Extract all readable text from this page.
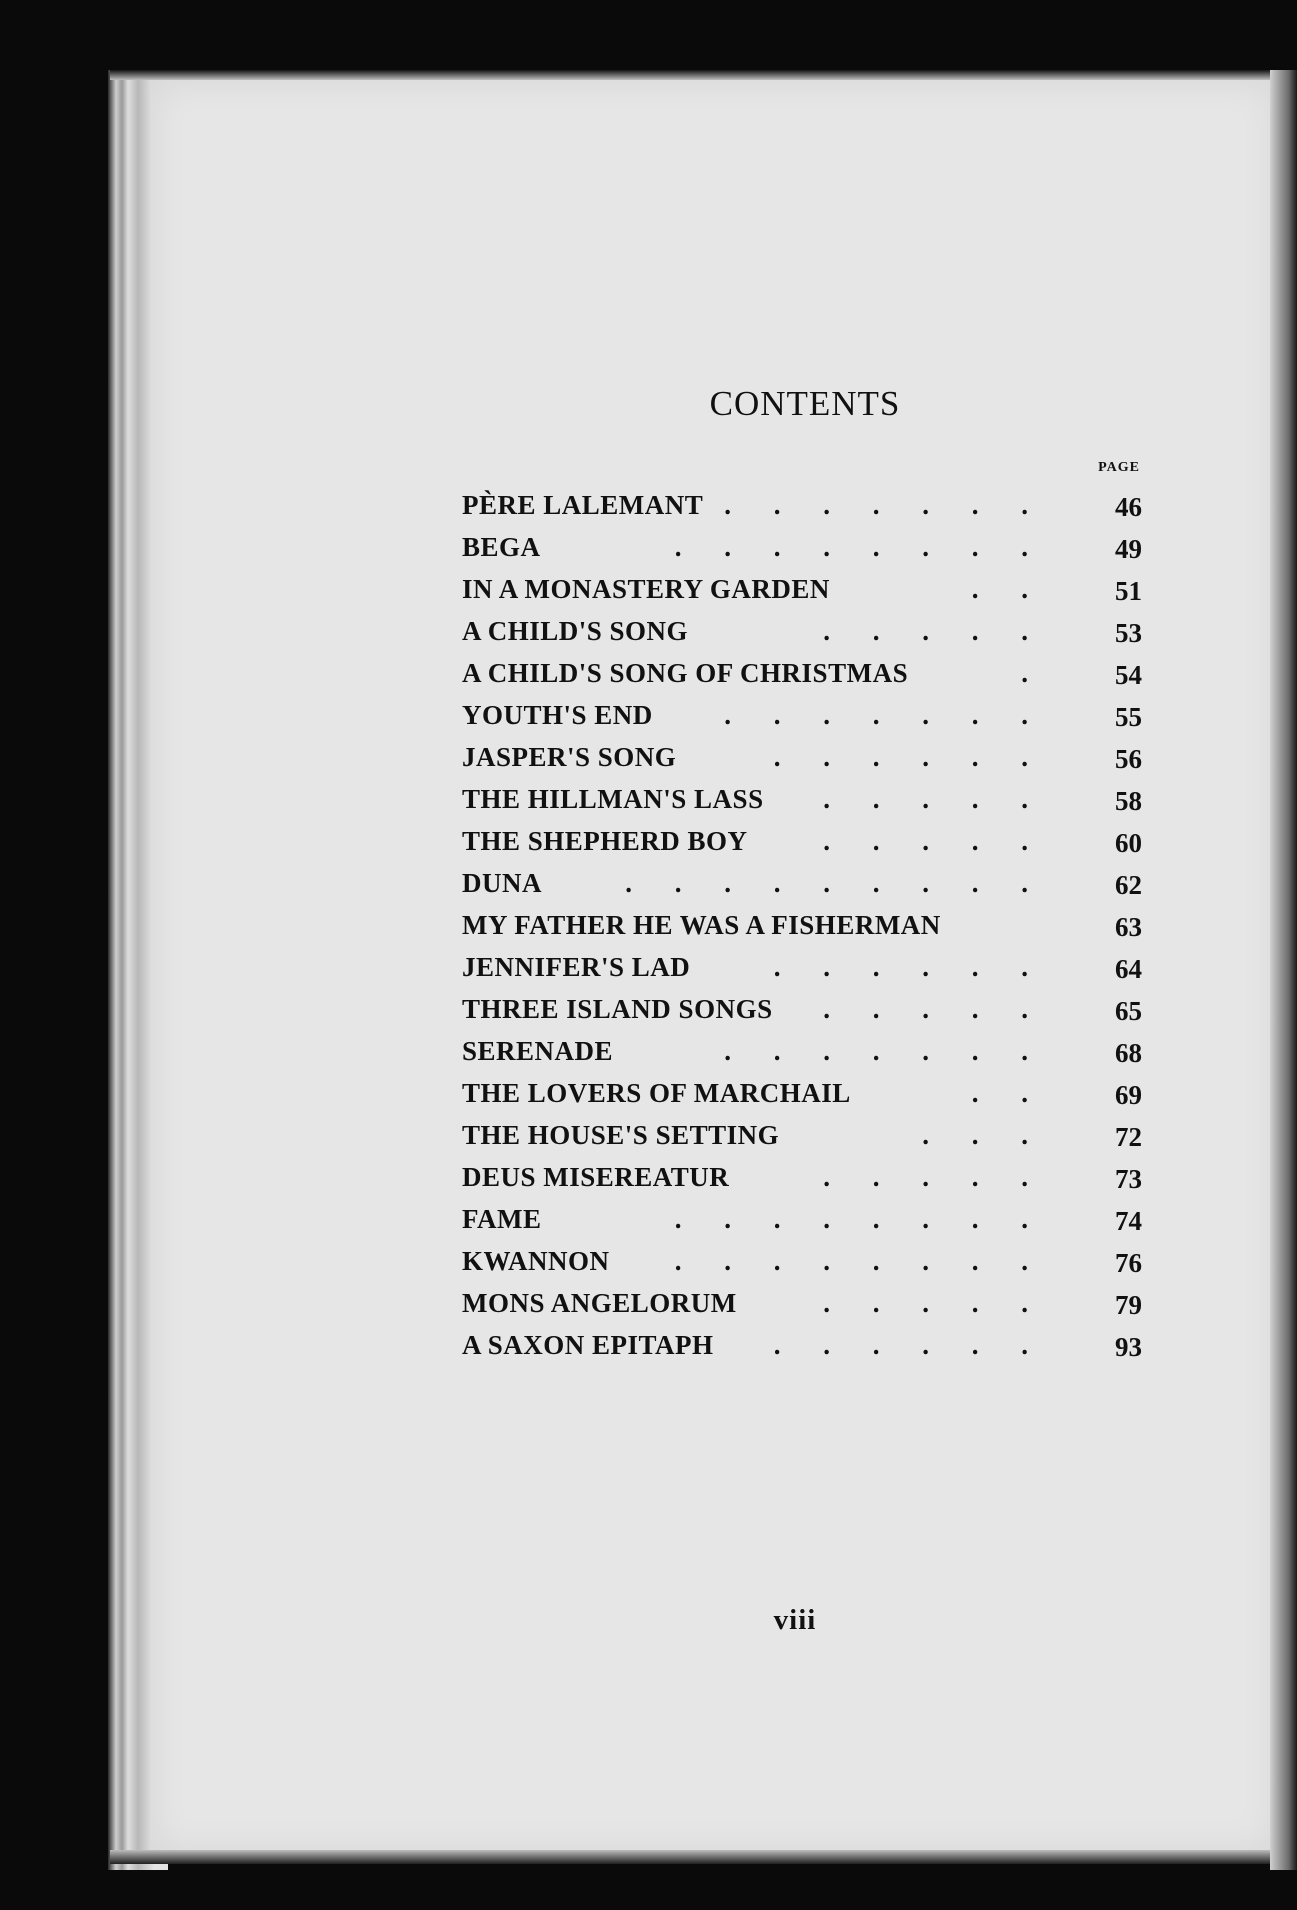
CONTENTS
PAGE
PÈRE LALEMANT . . . . . . .	46
BEGA	. . . . . . . .	49
IN A MONASTERY GARDEN	. .	51
A CHILD'S SONG	. . . . .	53
A CHILD'S SONG OF CHRISTMAS	.	54
YOUTH'S END	. . . . . . .	55
JASPER'S SONG	. . . . . .	56
THE HILLMAN'S LASS . . . . .	58
THE SHEPHERD BOY	. . . . .	60
DUNA	. . . . . . . . .	62
MY FATHER HE WAS A FISHERMAN	63
JENNIFER'S LAD	. . . . . .	64
THREE ISLAND SONGS . . . . .	65
SERENADE	. . . . . . .	68
THE LOVERS OF MARCHAIL	. .	69
THE HOUSE'S SETTING	. . .	72
DEUS MISEREATUR	. . . . .	73
FAME	. . . . . . . .	74
KWANNON . . . . . . . .	76
MONS ANGELORUM	. . . . .	79
A SAXON EPITAPH . . . . . .	93
viii
